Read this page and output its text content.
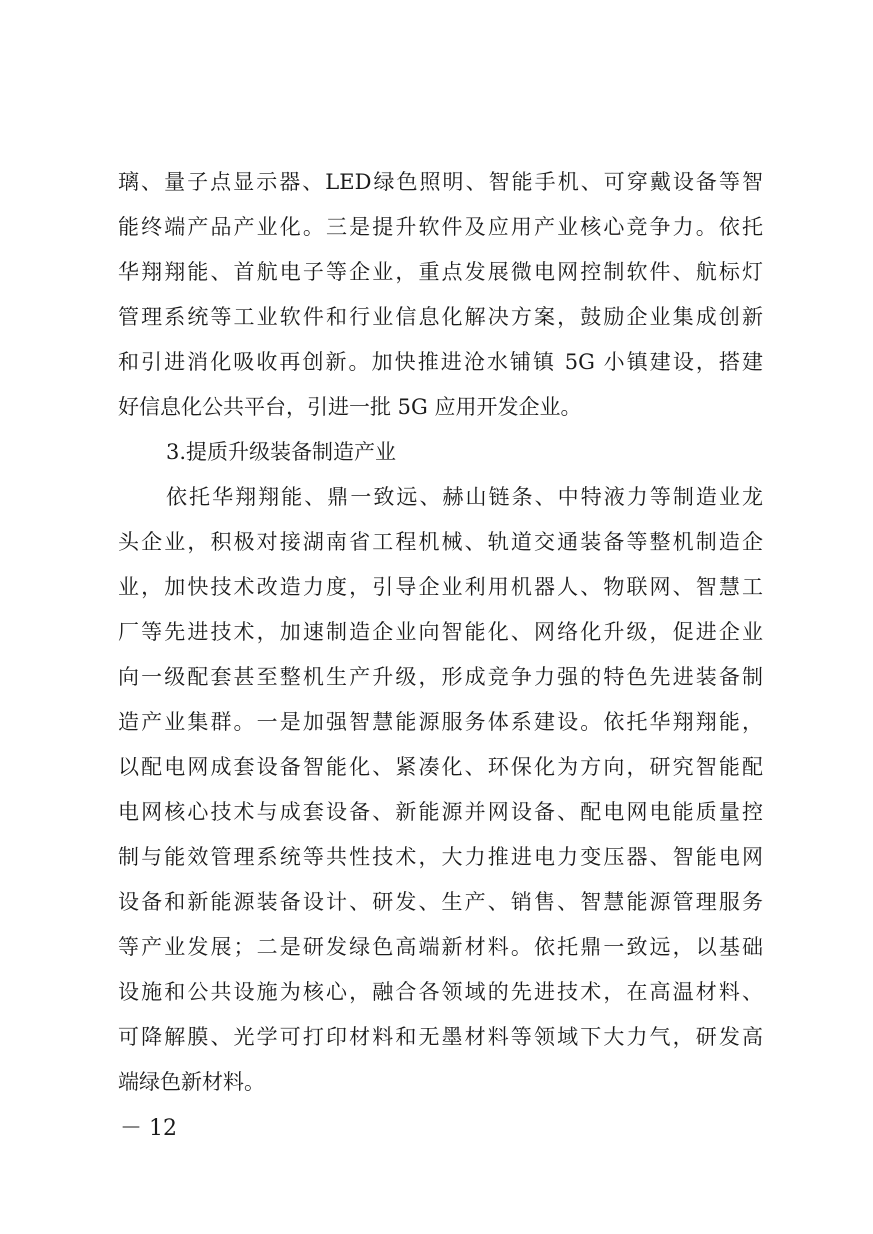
璃、量子点显示器、LED绿色照明、智能手机、可穿戴设备等智
能终端产品产业化。三是提升软件及应用产业核心竞争力。依托
华翔翔能、首航电子等企业，重点发展微电网控制软件、航标灯
管理系统等工业软件和行业信息化解决方案，鼓励企业集成创新
和引进消化吸收再创新。加快推进沧水铺镇 5G 小镇建设，搭建
好信息化公共平台，引进一批 5G 应用开发企业。
3.提质升级装备制造产业
依托华翔翔能、鼎一致远、赫山链条、中特液力等制造业龙
头企业，积极对接湖南省工程机械、轨道交通装备等整机制造企
业，加快技术改造力度，引导企业利用机器人、物联网、智慧工
厂等先进技术，加速制造企业向智能化、网络化升级，促进企业
向一级配套甚至整机生产升级，形成竞争力强的特色先进装备制
造产业集群。一是加强智慧能源服务体系建设。依托华翔翔能，
以配电网成套设备智能化、紧凑化、环保化为方向，研究智能配
电网核心技术与成套设备、新能源并网设备、配电网电能质量控
制与能效管理系统等共性技术，大力推进电力变压器、智能电网
设备和新能源装备设计、研发、生产、销售、智慧能源管理服务
等产业发展；二是研发绿色高端新材料。依托鼎一致远，以基础
设施和公共设施为核心，融合各领域的先进技术，在高温材料、
可降解膜、光学可打印材料和无墨材料等领域下大力气，研发高
端绿色新材料。
－ 12
